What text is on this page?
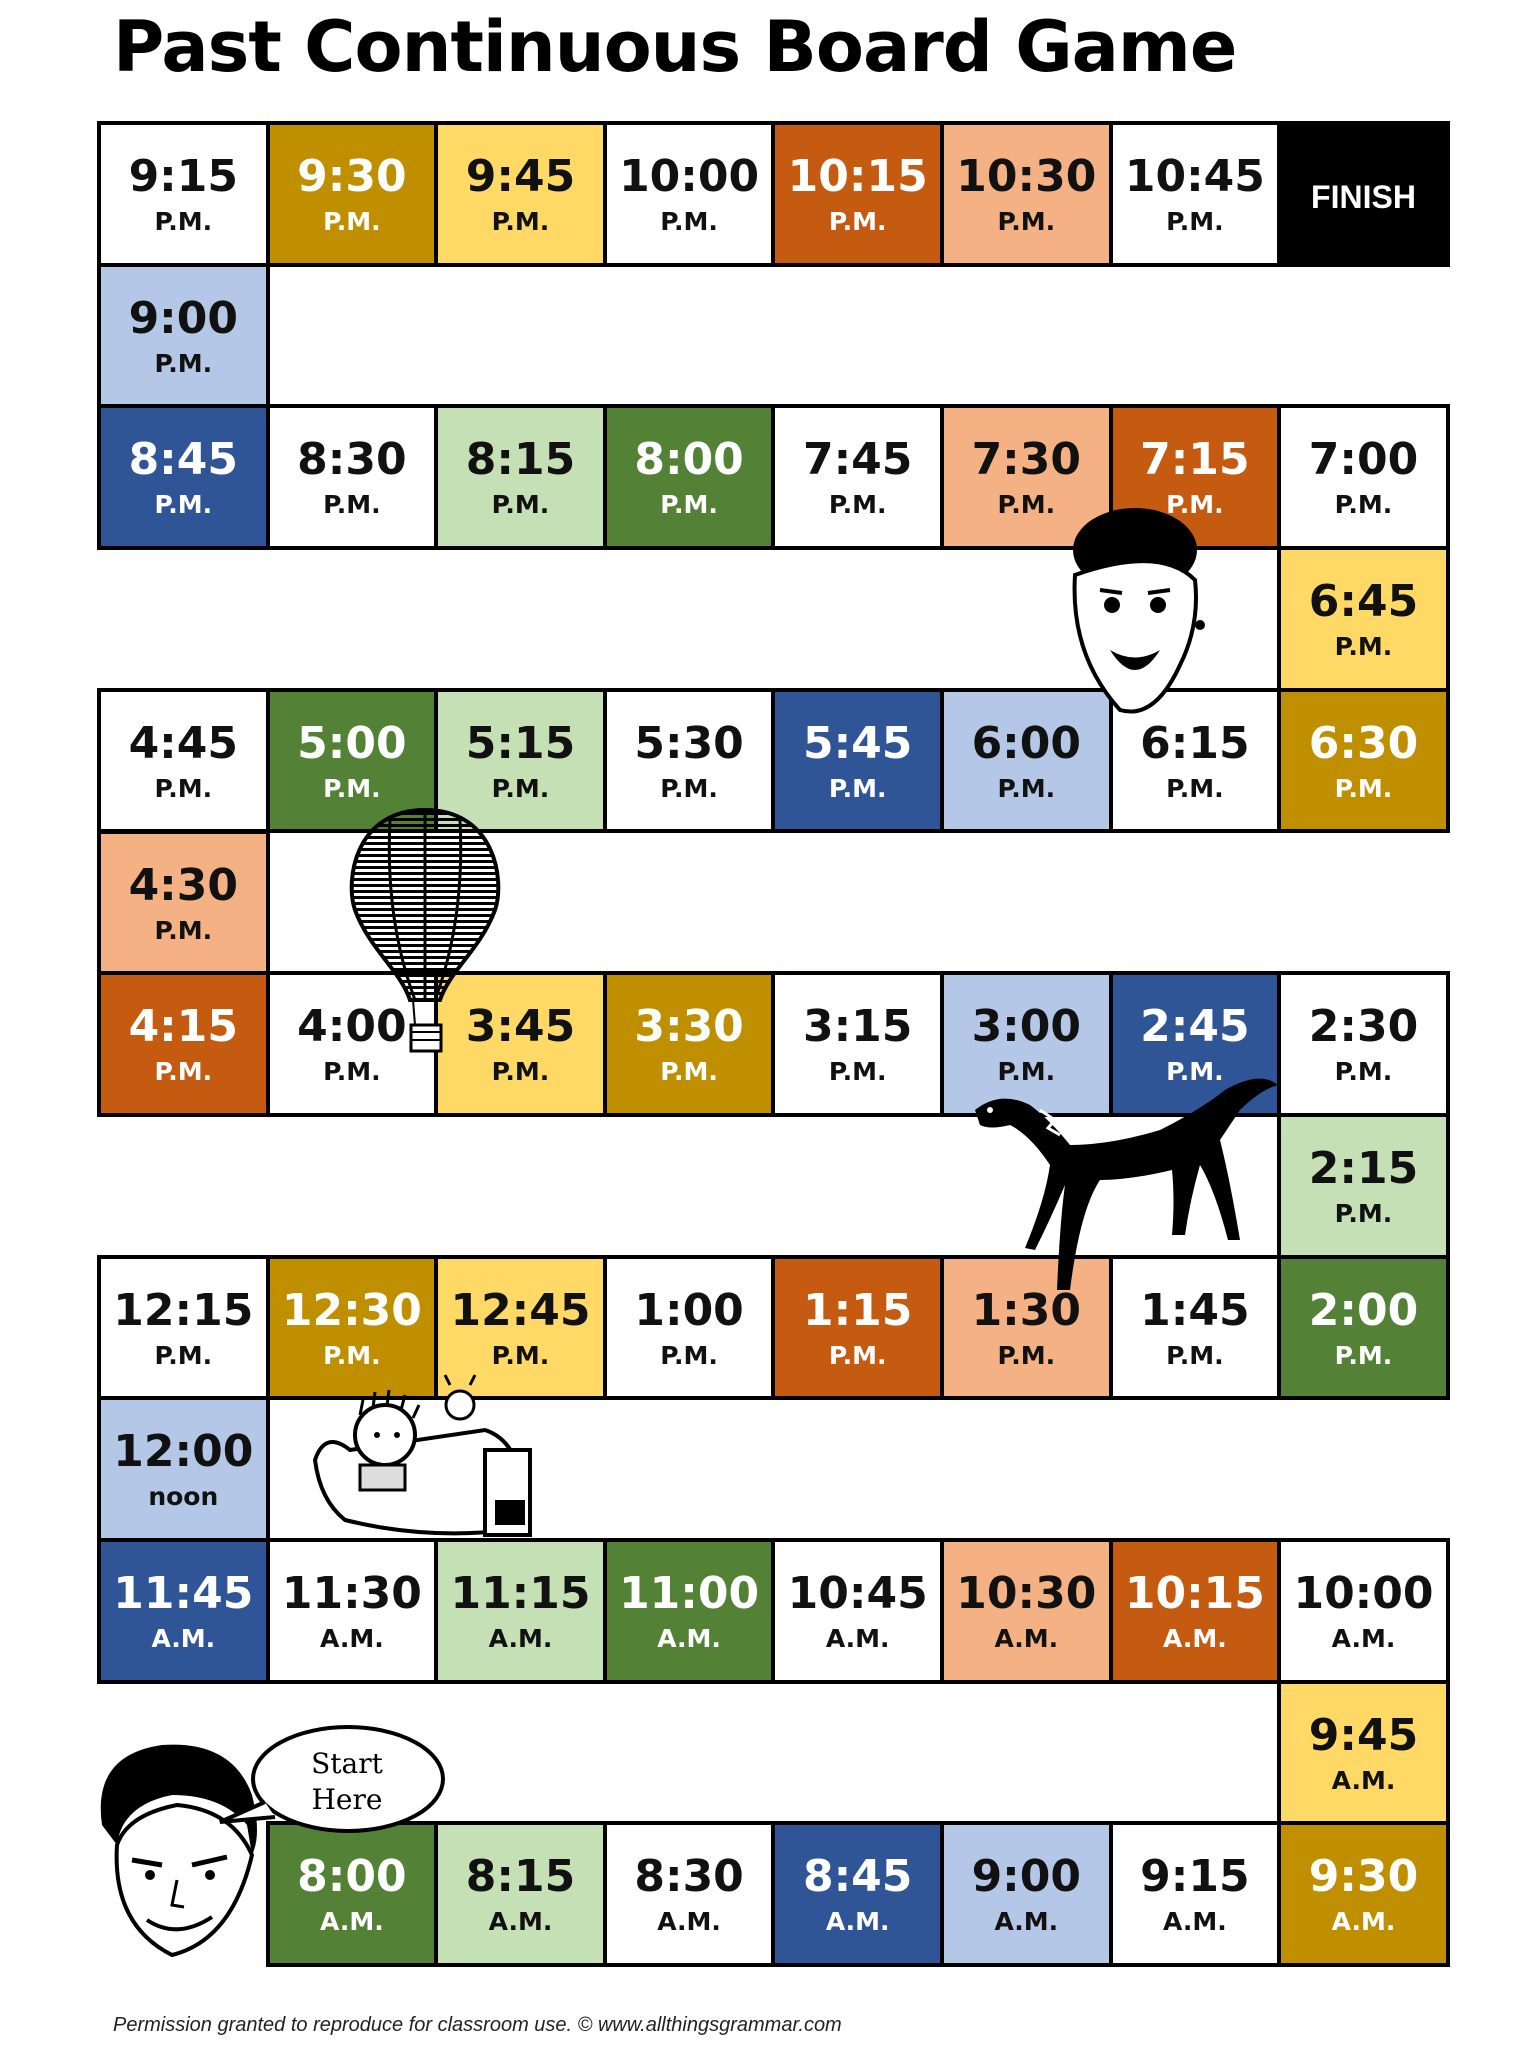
Past Continuous Board Game
9:15
P.M.
9:30
P.M.
9:45
P.M.
10:00
P.M.
10:15
P.M.
10:30
P.M.
10:45
P.M.
FINISH
9:00
P.M.
8:45
P.M.
8:30
P.M.
8:15
P.M.
8:00
P.M.
7:45
P.M.
7:30
P.M.
7:15
P.M.
7:00
P.M.
6:45
P.M.
4:45
P.M.
5:00
P.M.
5:15
P.M.
5:30
P.M.
5:45
P.M.
6:00
P.M.
6:15
P.M.
6:30
P.M.
4:30
P.M.
4:15
P.M.
4:00
P.M.
3:45
P.M.
3:30
P.M.
3:15
P.M.
3:00
P.M.
2:45
P.M.
2:30
P.M.
2:15
P.M.
12:15
P.M.
12:30
P.M.
12:45
P.M.
1:00
P.M.
1:15
P.M.
1:30
P.M.
1:45
P.M.
2:00
P.M.
12:00
noon
11:45
A.M.
11:30
A.M.
11:15
A.M.
11:00
A.M.
10:45
A.M.
10:30
A.M.
10:15
A.M.
10:00
A.M.
9:45
A.M.
8:00
A.M.
8:15
A.M.
8:30
A.M.
8:45
A.M.
9:00
A.M.
9:15
A.M.
9:30
A.M.
Start Here
Permission granted to reproduce for classroom use. © www.allthingsgrammar.com
